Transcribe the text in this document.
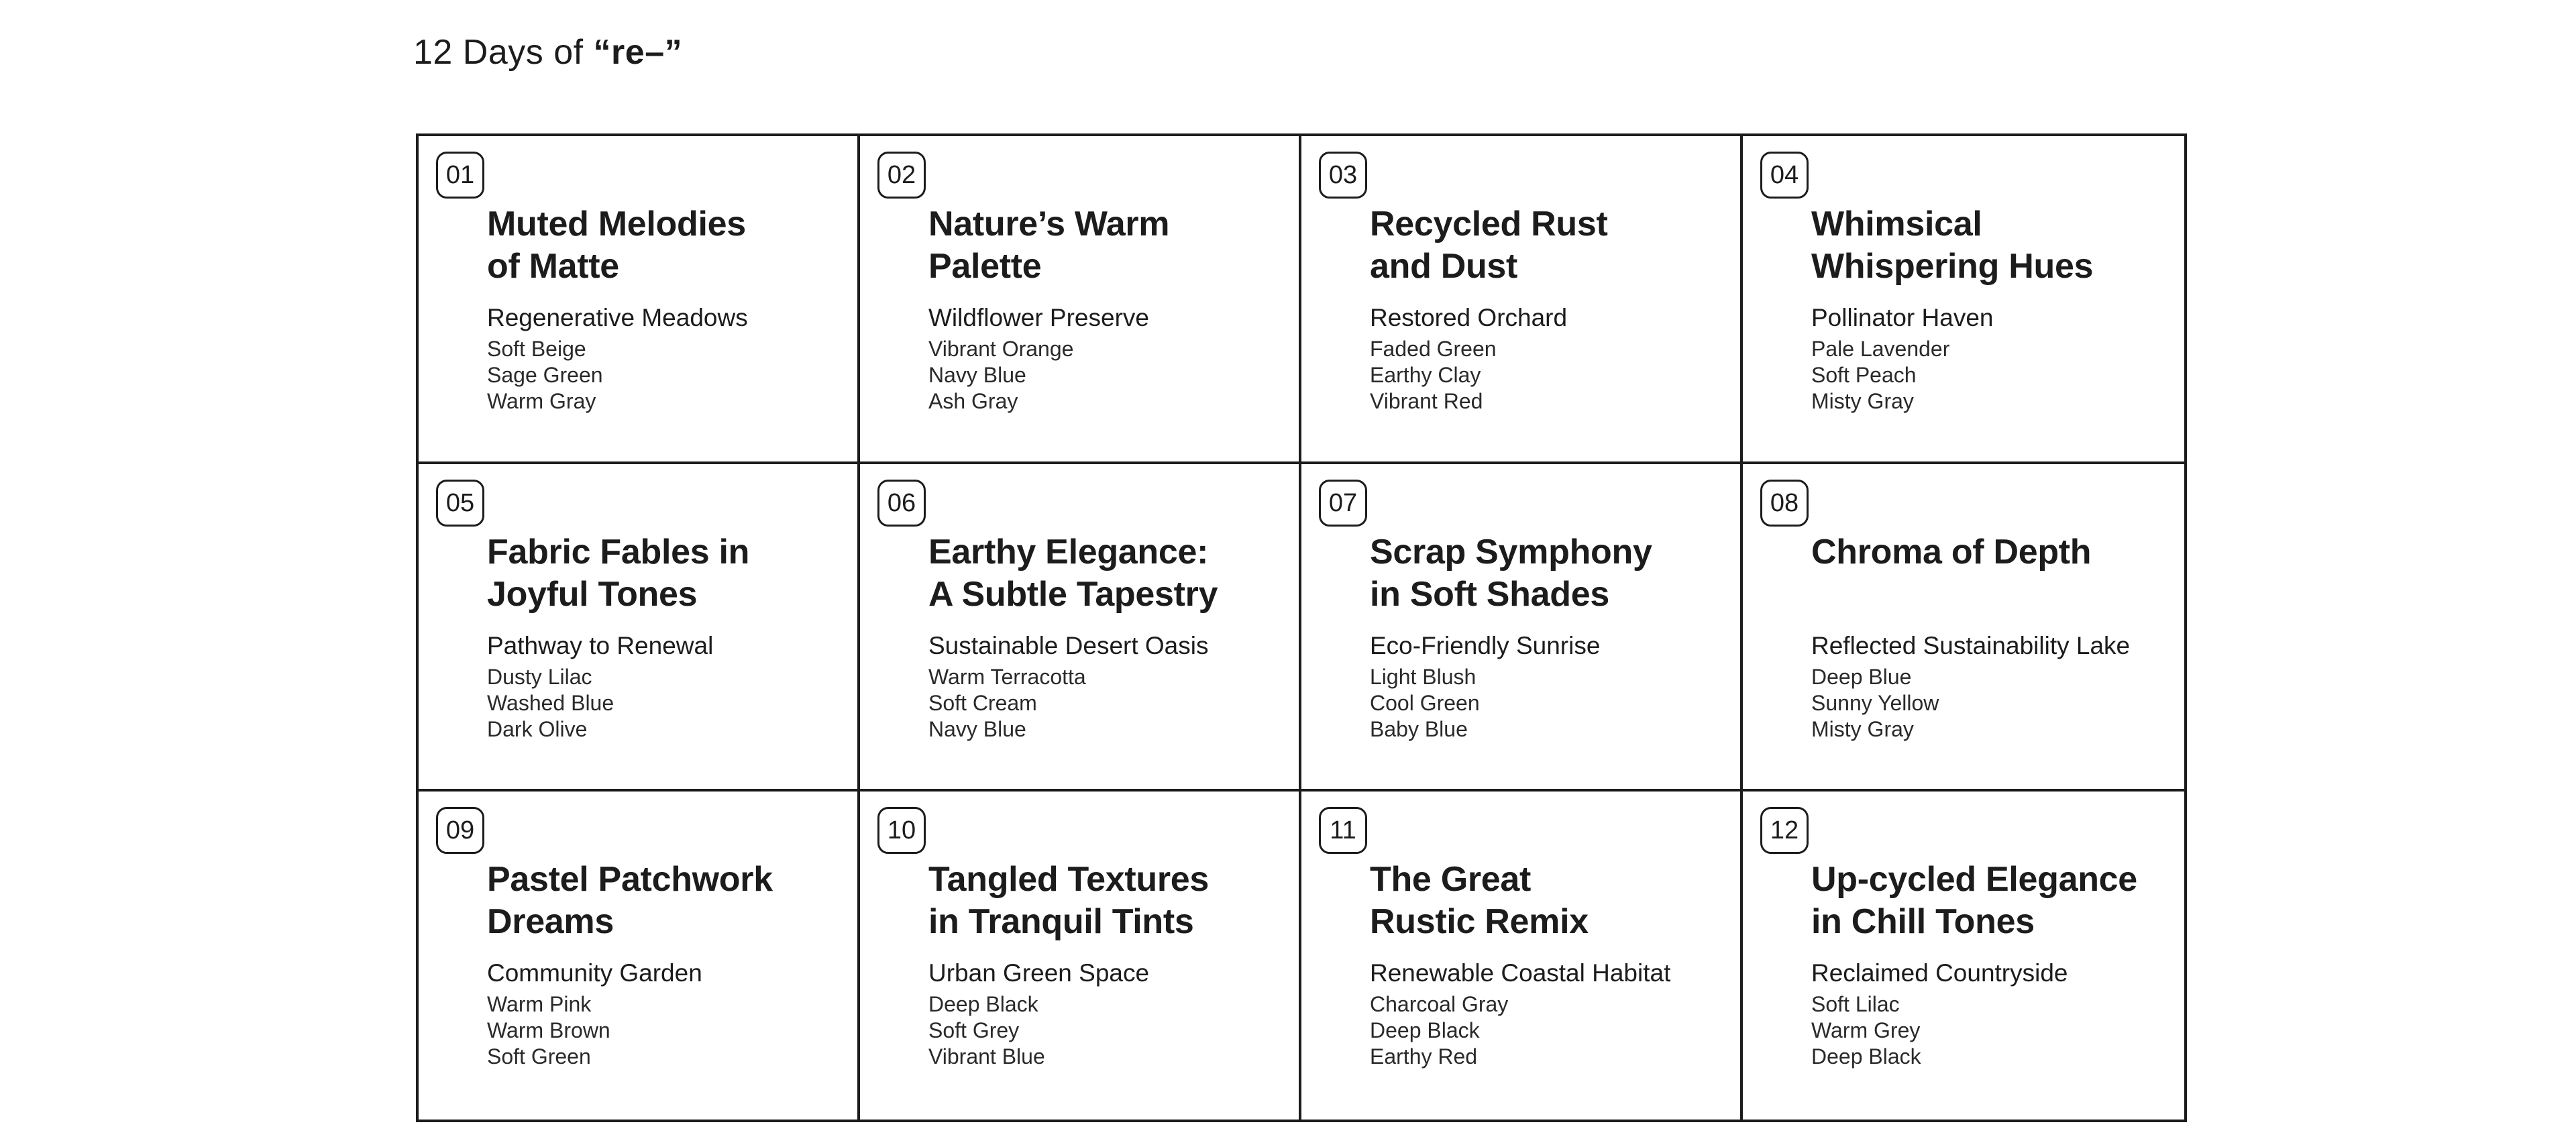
12 Days of “re–”
01
Muted Melodies
of Matte
Regenerative Meadows
Soft Beige
Sage Green
Warm Gray
02
Nature’s Warm
Palette
Wildflower Preserve
Vibrant Orange
Navy Blue
Ash Gray
03
Recycled Rust
and Dust
Restored Orchard
Faded Green
Earthy Clay
Vibrant Red
04
Whimsical
Whispering Hues
Pollinator Haven
Pale Lavender
Soft Peach
Misty Gray
05
Fabric Fables in
Joyful Tones
Pathway to Renewal
Dusty Lilac
Washed Blue
Dark Olive
06
Earthy Elegance:
A Subtle Tapestry
Sustainable Desert Oasis
Warm Terracotta
Soft Cream
Navy Blue
07
Scrap Symphony
in Soft Shades
Eco-Friendly Sunrise
Light Blush
Cool Green
Baby Blue
08
Chroma of Depth
Reflected Sustainability Lake
Deep Blue
Sunny Yellow
Misty Gray
09
Pastel Patchwork
Dreams
Community Garden
Warm Pink
Warm Brown
Soft Green
10
Tangled Textures
in Tranquil Tints
Urban Green Space
Deep Black
Soft Grey
Vibrant Blue
11
The Great
Rustic Remix
Renewable Coastal Habitat
Charcoal Gray
Deep Black
Earthy Red
12
Up-cycled Elegance
in Chill Tones
Reclaimed Countryside
Soft Lilac
Warm Grey
Deep Black
